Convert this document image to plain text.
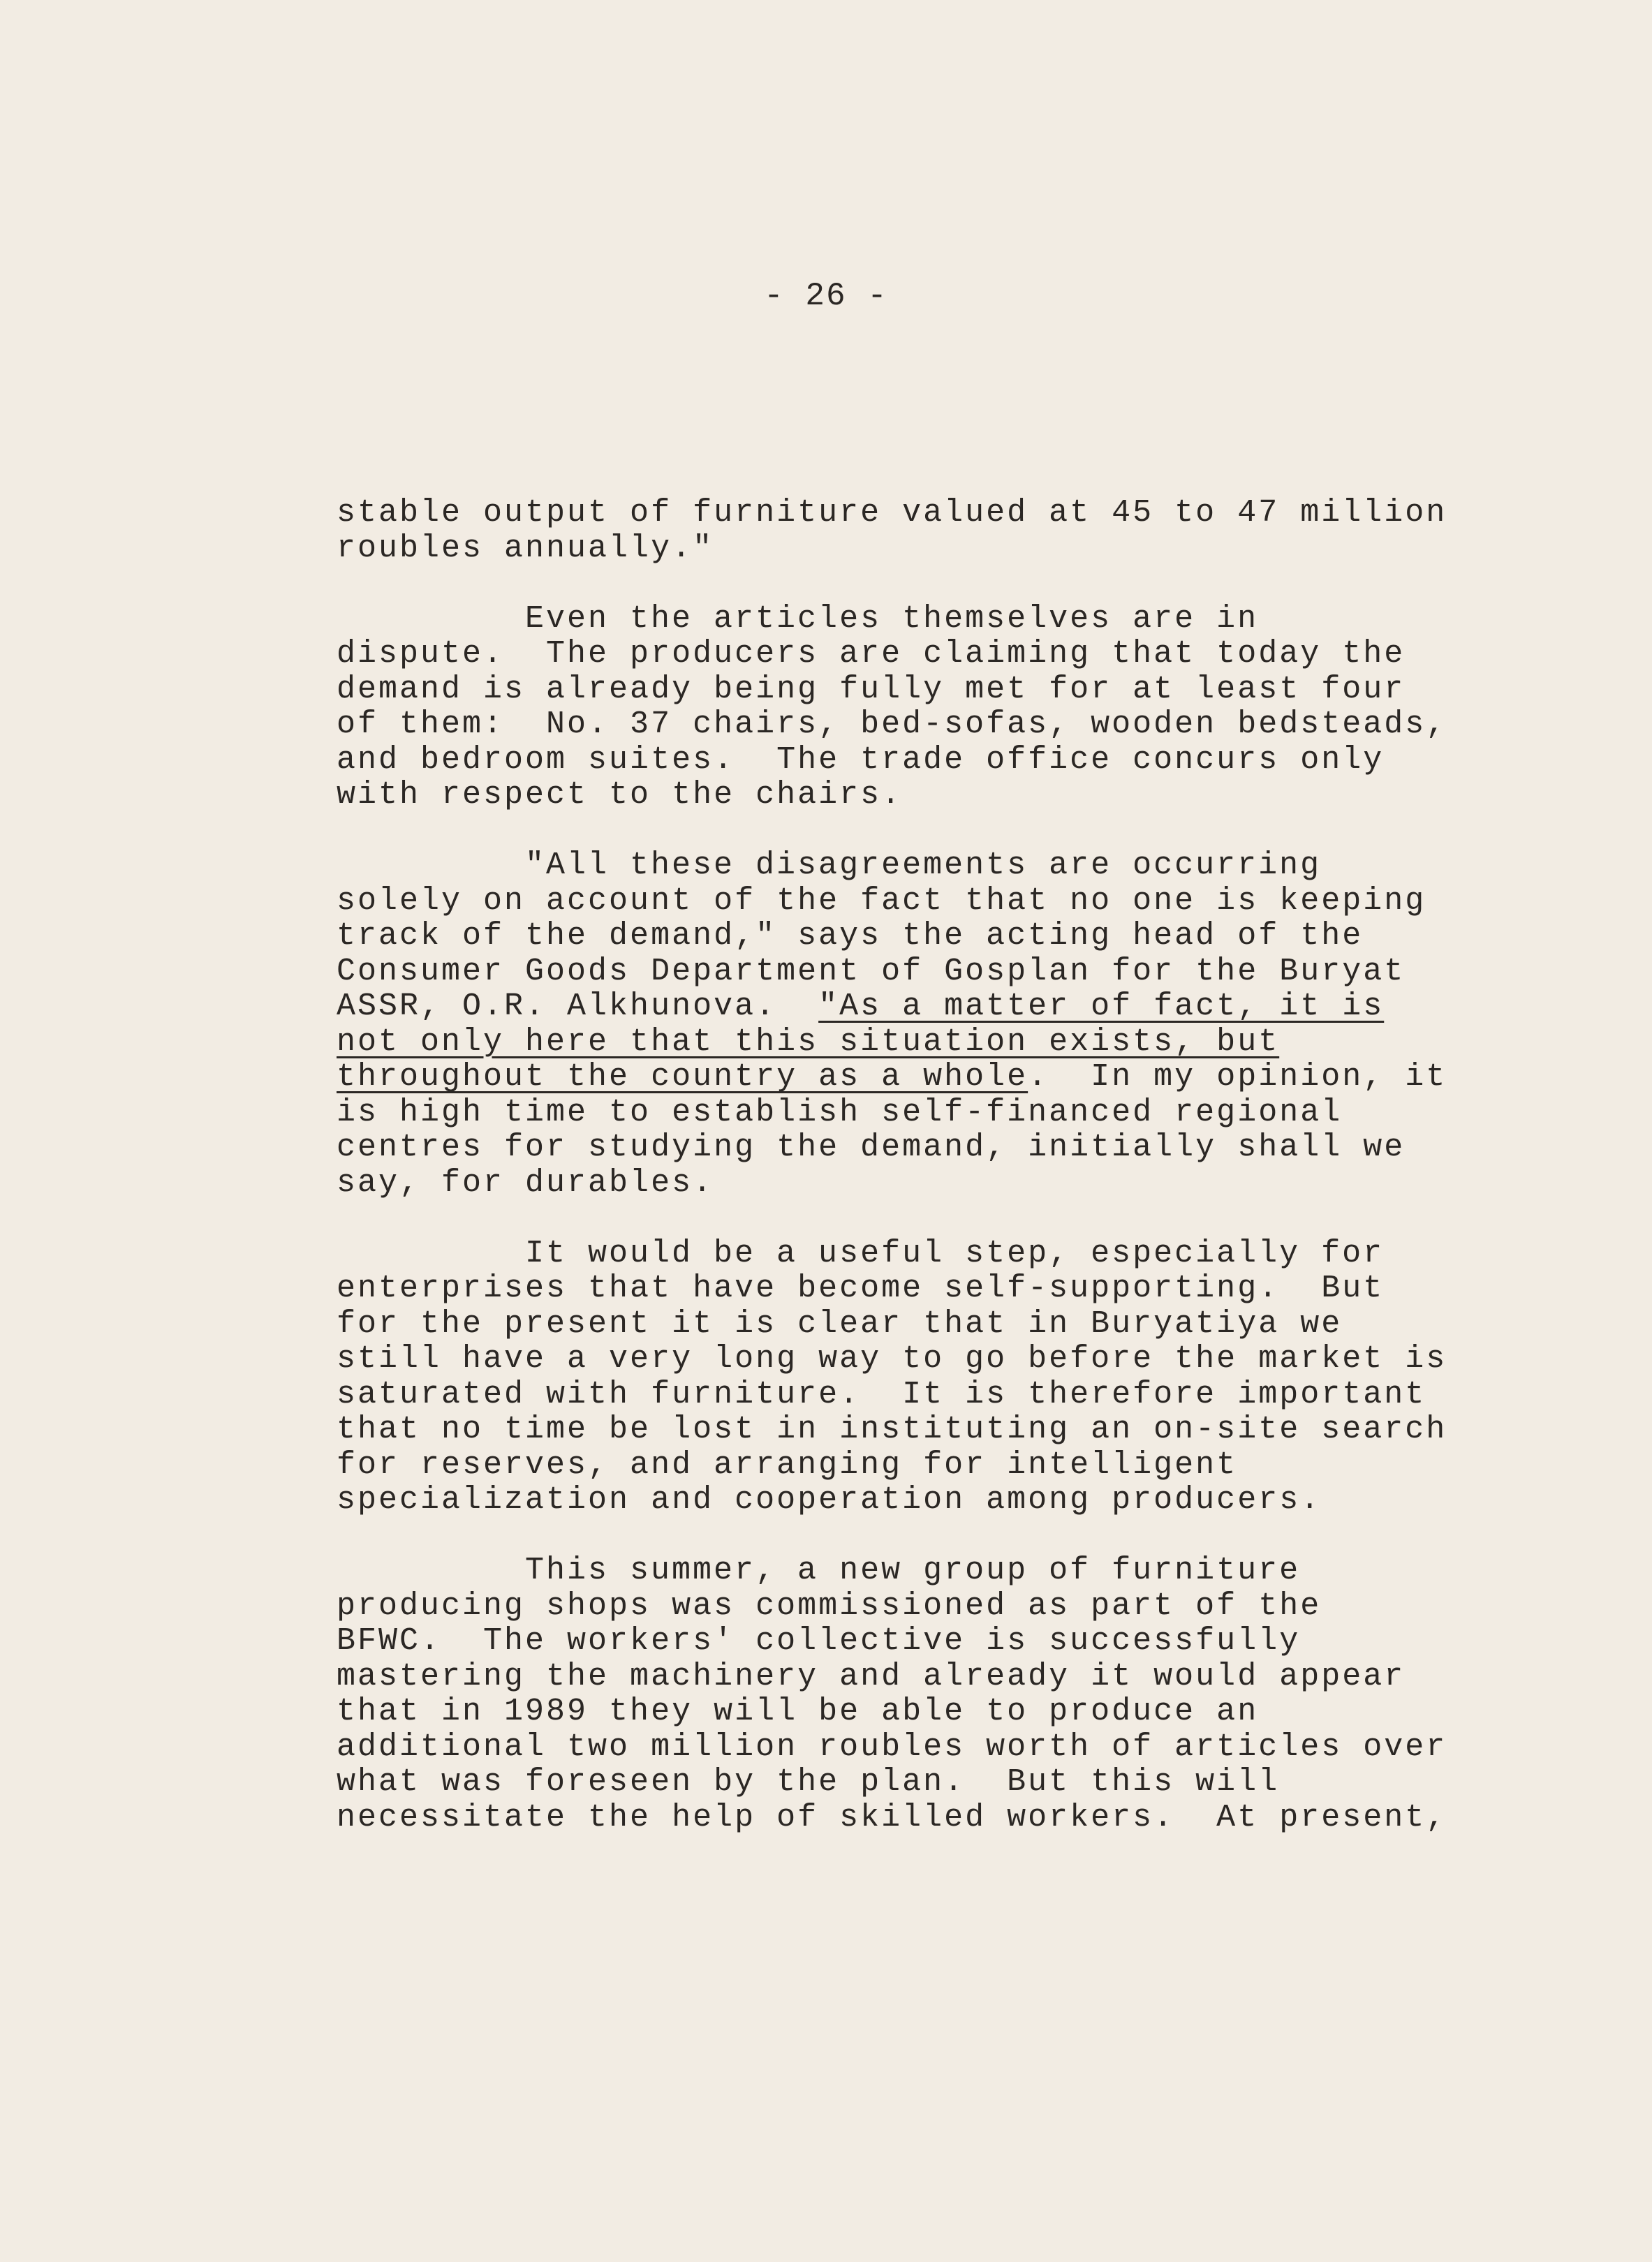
- 26 -
stable output of furniture valued at 45 to 47 million
roubles annually."
Even the articles themselves are in
dispute.  The producers are claiming that today the
demand is already being fully met for at least four
of them:  No. 37 chairs, bed-sofas, wooden bedsteads,
and bedroom suites.  The trade office concurs only
with respect to the chairs.
"All these disagreements are occurring
solely on account of the fact that no one is keeping
track of the demand," says the acting head of the
Consumer Goods Department of Gosplan for the Buryat
ASSR, O.R. Alkhunova.  "As a matter of fact, it is
not only here that this situation exists, but
throughout the country as a whole.  In my opinion, it
is high time to establish self-financed regional
centres for studying the demand, initially shall we
say, for durables.
It would be a useful step, especially for
enterprises that have become self-supporting.  But
for the present it is clear that in Buryatiya we
still have a very long way to go before the market is
saturated with furniture.  It is therefore important
that no time be lost in instituting an on-site search
for reserves, and arranging for intelligent
specialization and cooperation among producers.
This summer, a new group of furniture
producing shops was commissioned as part of the
BFWC.  The workers' collective is successfully
mastering the machinery and already it would appear
that in 1989 they will be able to produce an
additional two million roubles worth of articles over
what was foreseen by the plan.  But this will
necessitate the help of skilled workers.  At present,
